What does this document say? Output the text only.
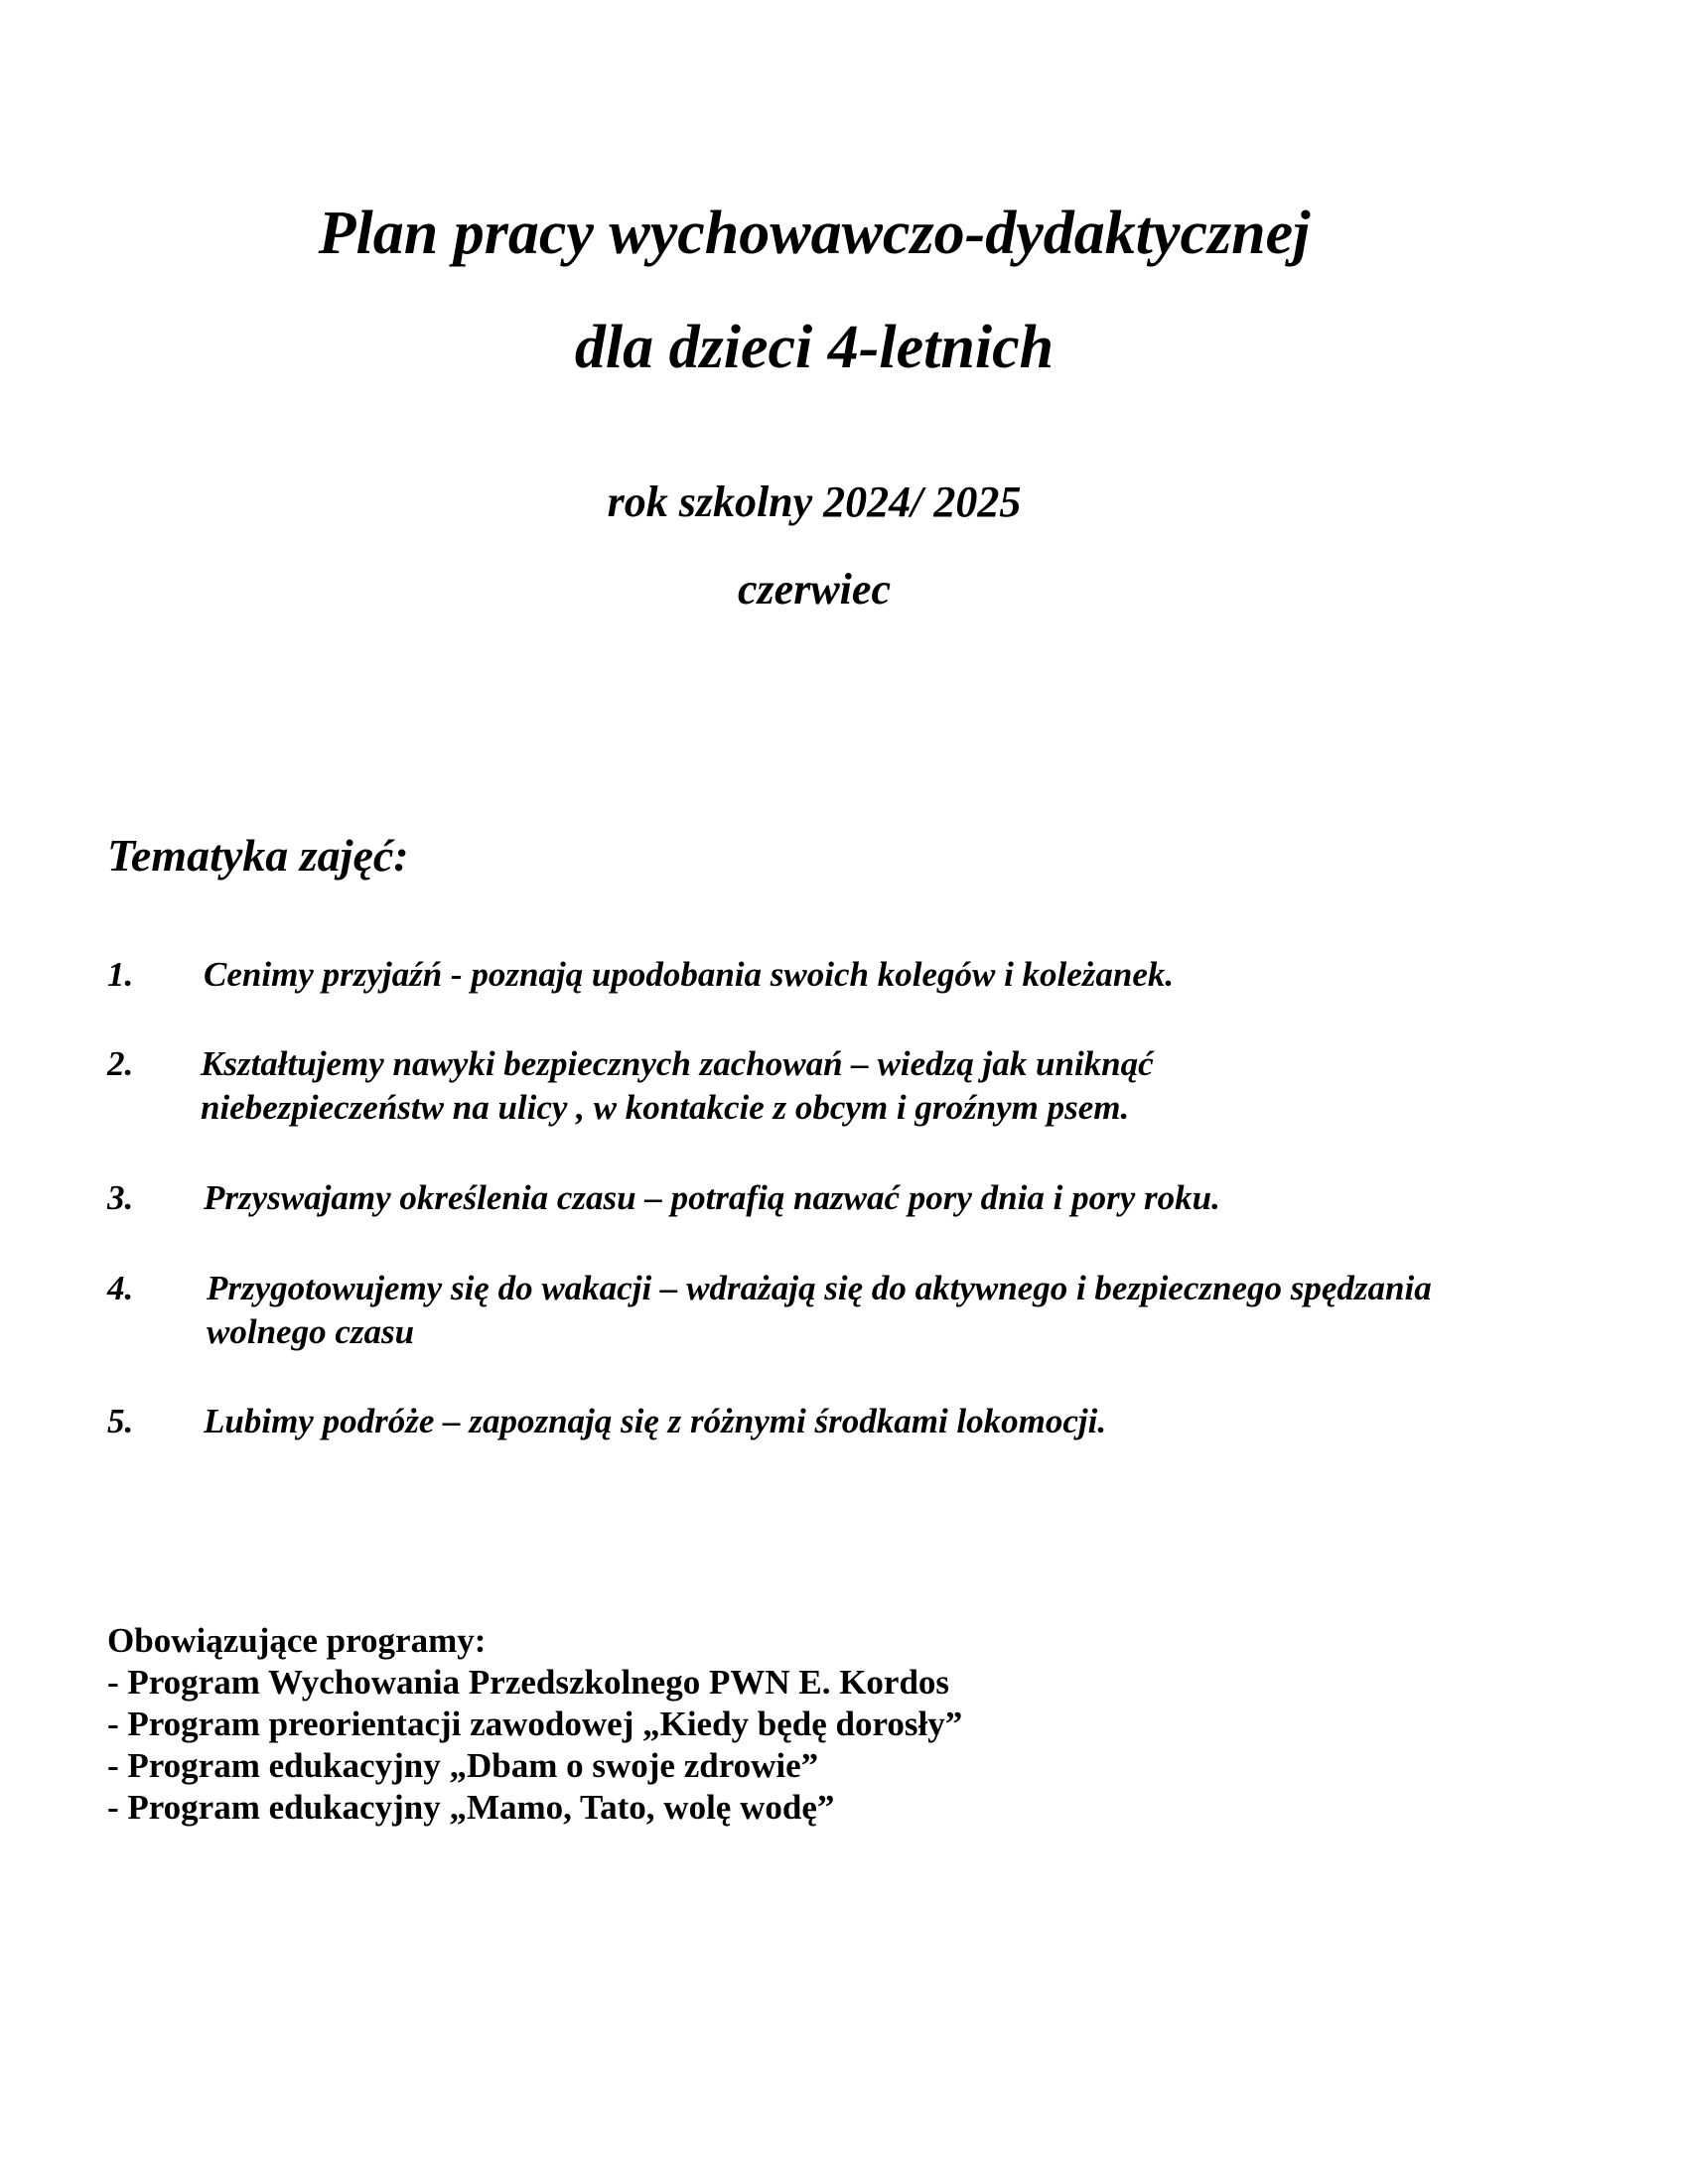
Plan pracy wychowawczo-dydaktycznej
dla dzieci 4-letnich
rok szkolny 2024/ 2025
czerwiec
Tematyka zajęć:
1. Cenimy przyjaźń - poznają upodobania swoich kolegów i koleżanek.
2. Kształtujemy nawyki bezpiecznych zachowań – wiedzą jak uniknąć niebezpieczeństw na ulicy , w kontakcie z obcym i groźnym psem.
3. Przyswajamy określenia czasu – potrafią nazwać pory dnia i pory roku.
4. Przygotowujemy się do wakacji – wdrażają się do aktywnego i bezpiecznego spędzania wolnego czasu
5. Lubimy podróże – zapoznają się z różnymi środkami lokomocji.
Obowiązujące programy:
- Program Wychowania Przedszkolnego PWN E. Kordos
- Program preorientacji zawodowej „Kiedy będę dorosły”
- Program edukacyjny „Dbam o swoje zdrowie”
- Program edukacyjny „Mamo, Tato, wolę wodę”
